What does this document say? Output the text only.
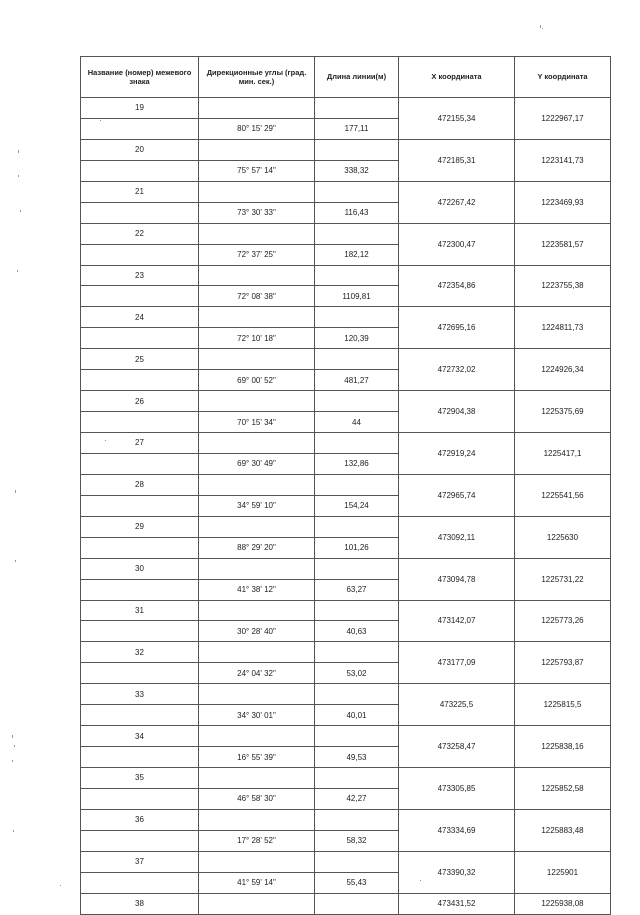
Название (номер) межевого знака	Дирекционные углы (град. мин. сек.)	Длина линии(м)	X координата	Y координата
19			472155,34	1222967,17
	80° 15' 29"	177,11		
20			472185,31	1223141,73
	75° 57' 14"	338,32		
21			472267,42	1223469,93
	73° 30' 33"	116,43		
22			472300,47	1223581,57
	72° 37' 25"	182,12		
23			472354,86	1223755,38
	72° 08' 38"	1109,81		
24			472695,16	1224811,73
	72° 10' 18"	120,39		
25			472732,02	1224926,34
	69° 00' 52"	481,27		
26			472904,38	1225375,69
	70° 15' 34"	44		
27			472919,24	1225417,1
	69° 30' 49"	132,86		
28			472965,74	1225541,56
	34° 59' 10"	154,24		
29			473092,11	1225630
	88° 29' 20"	101,26		
30			473094,78	1225731,22
	41° 38' 12"	63,27		
31			473142,07	1225773,26
	30° 28' 40"	40,63		
32			473177,09	1225793,87
	24° 04' 32"	53,02		
33			473225,5	1225815,5
	34° 30' 01"	40,01		
34			473258,47	1225838,16
	16° 55' 39"	49,53		
35			473305,85	1225852,58
	46° 58' 30"	42,27		
36			473334,69	1225883,48
	17° 28' 52"	58,32		
37			473390,32	1225901
	41° 59' 14"	55,43		
38			473431,52	1225938,08
